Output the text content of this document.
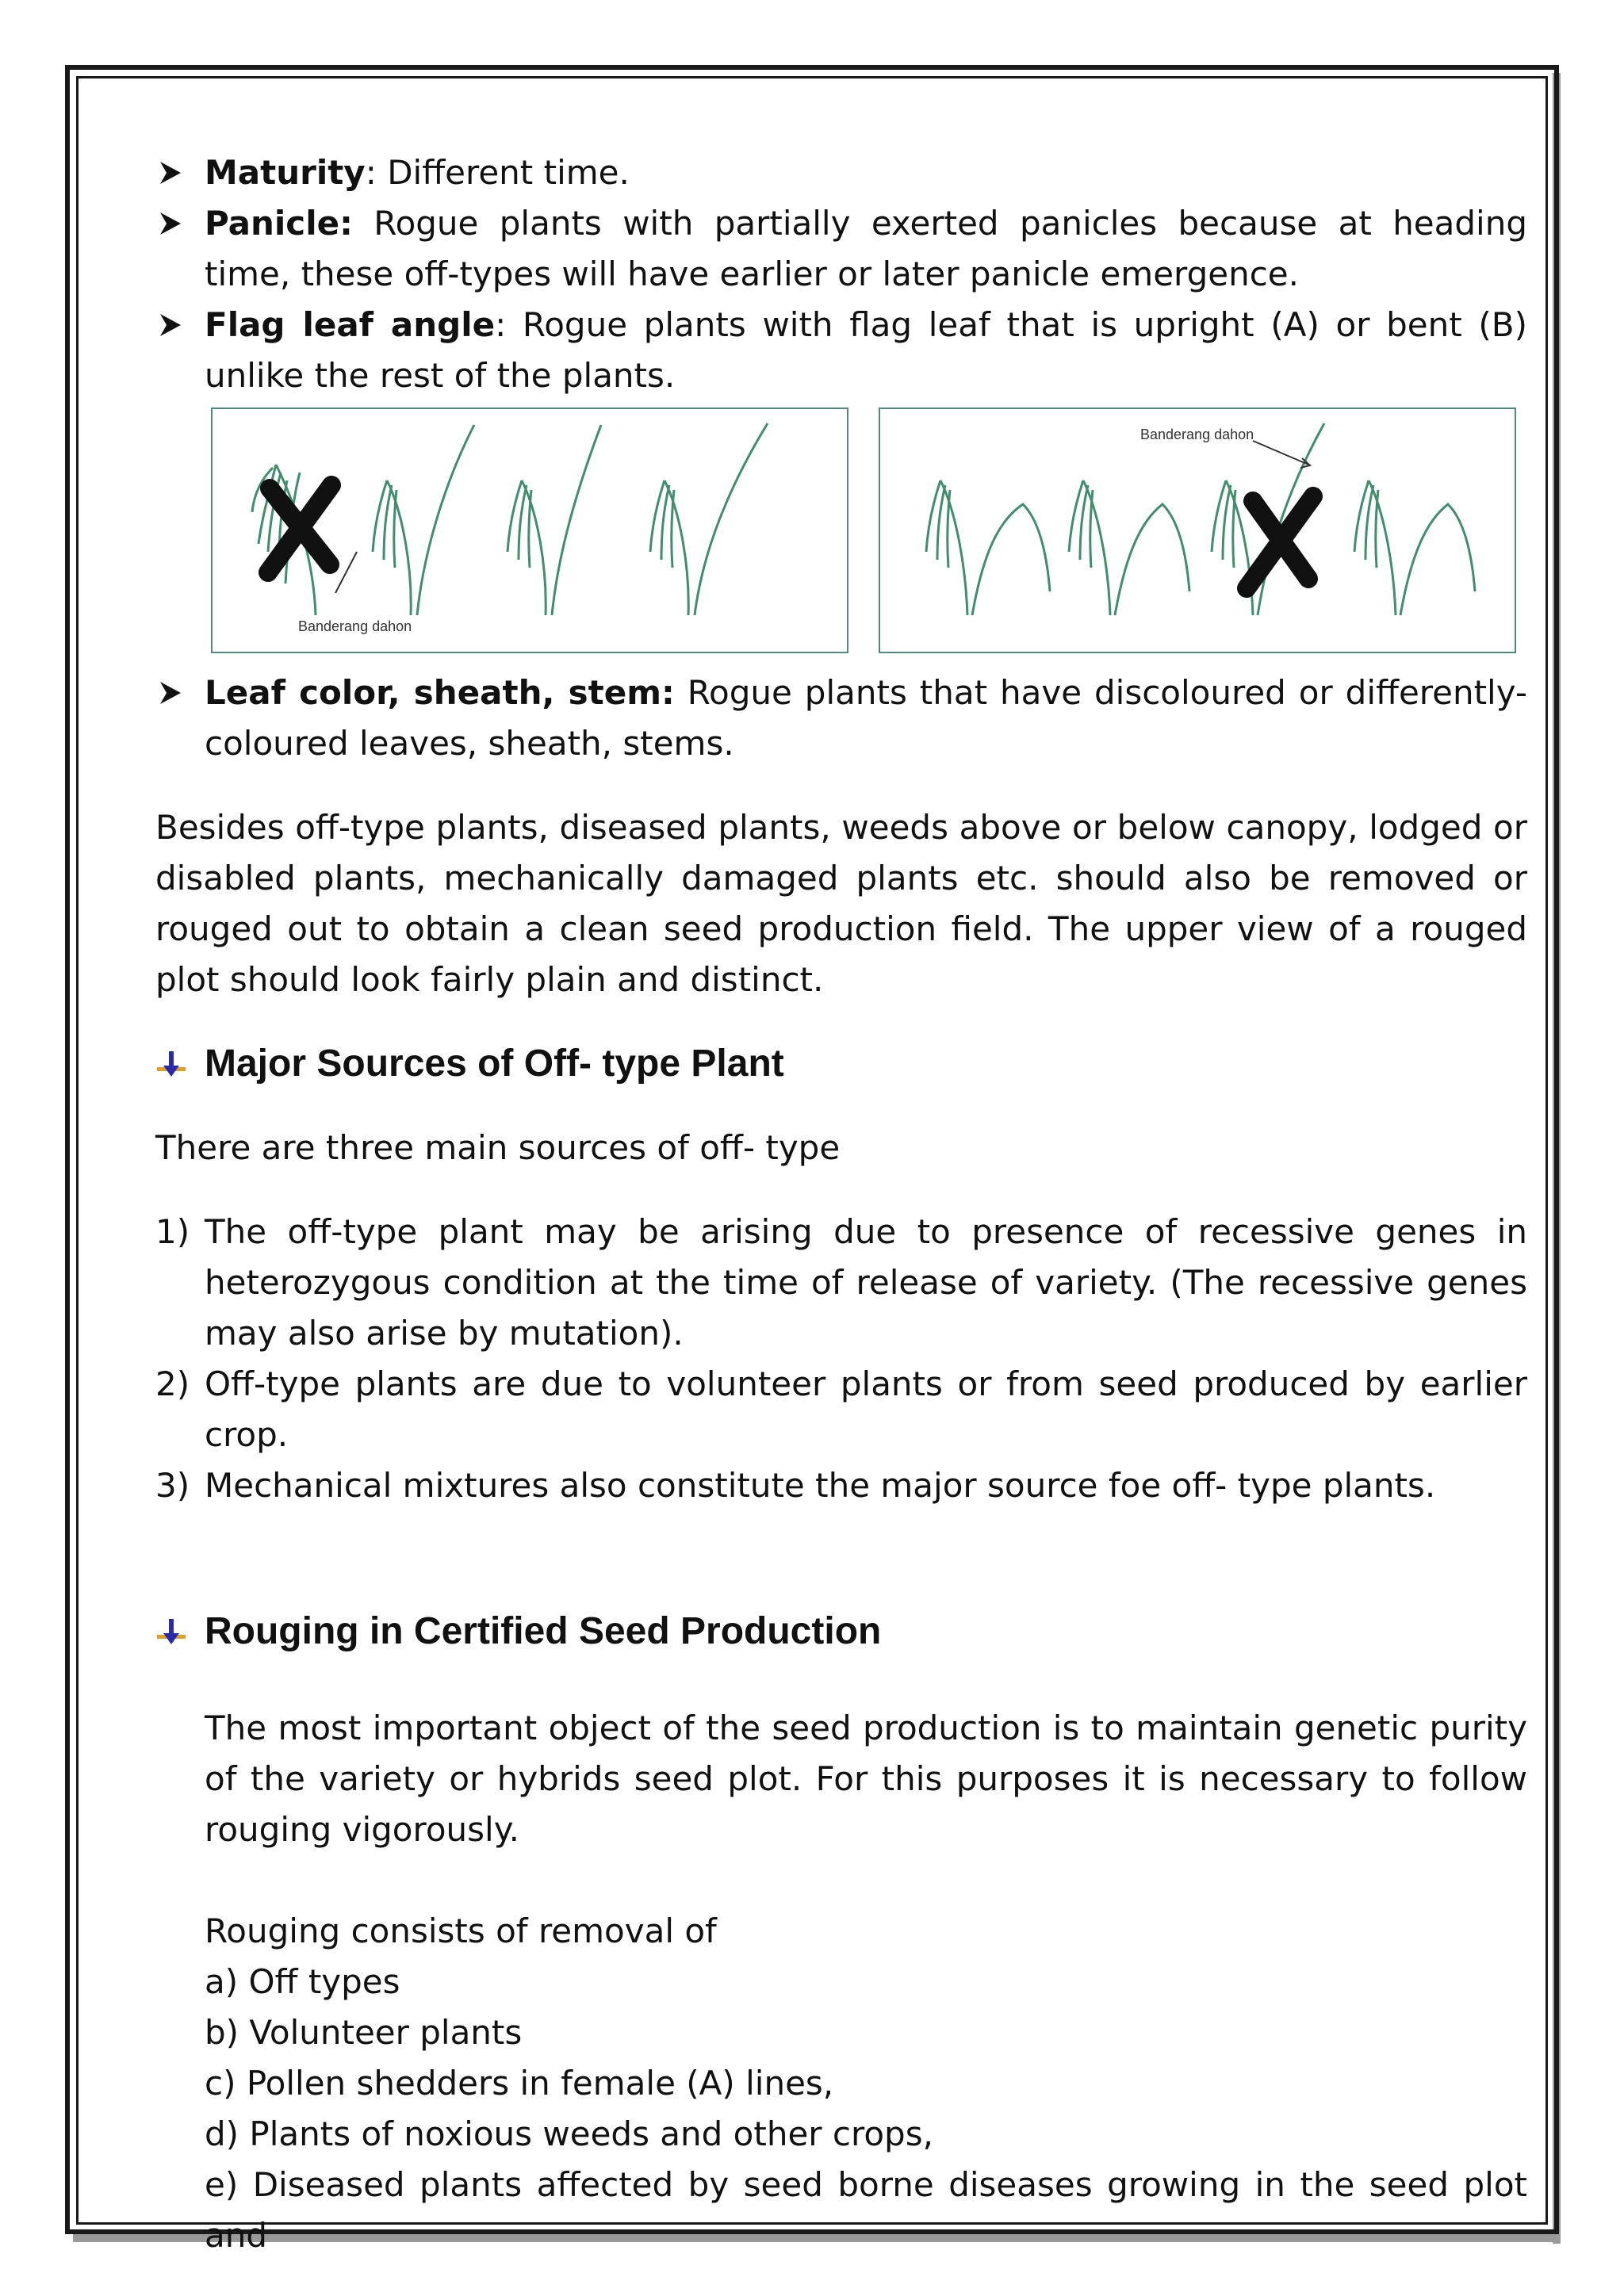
Maturity: Different time.
Panicle: Rogue plants with partially exerted panicles because at heading time, these off-types will have earlier or later panicle emergence.
Flag leaf angle: Rogue plants with flag leaf that is upright (A) or bent (B) unlike the rest of the plants.
Banderang dahon
Banderang dahon
Leaf color, sheath, stem: Rogue plants that have discoloured or differently- coloured leaves, sheath, stems.

Besides off-type plants, diseased plants, weeds above or below canopy, lodged or disabled plants, mechanically damaged plants etc. should also be removed or rouged out to obtain a clean seed production field. The upper view of a rouged plot should look fairly plain and distinct.

Major Sources of Off- type Plant

There are three main sources of off- type

1) The off-type plant may be arising due to presence of recessive genes in heterozygous condition at the time of release of variety. (The recessive genes may also arise by mutation).
2) Off-type plants are due to volunteer plants or from seed produced by earlier crop.
3) Mechanical mixtures also constitute the major source foe off- type plants.
Rouging in Certified Seed Production

The most important object of the seed production is to maintain genetic purity of the variety or hybrids seed plot. For this purposes it is necessary to follow rouging vigorously.

Rouging consists of removal of

a) Off types
b) Volunteer plants
c) Pollen shedders in female (A) lines,
d) Plants of noxious weeds and other crops,
e) Diseased plants affected by seed borne diseases growing in the seed plot and
